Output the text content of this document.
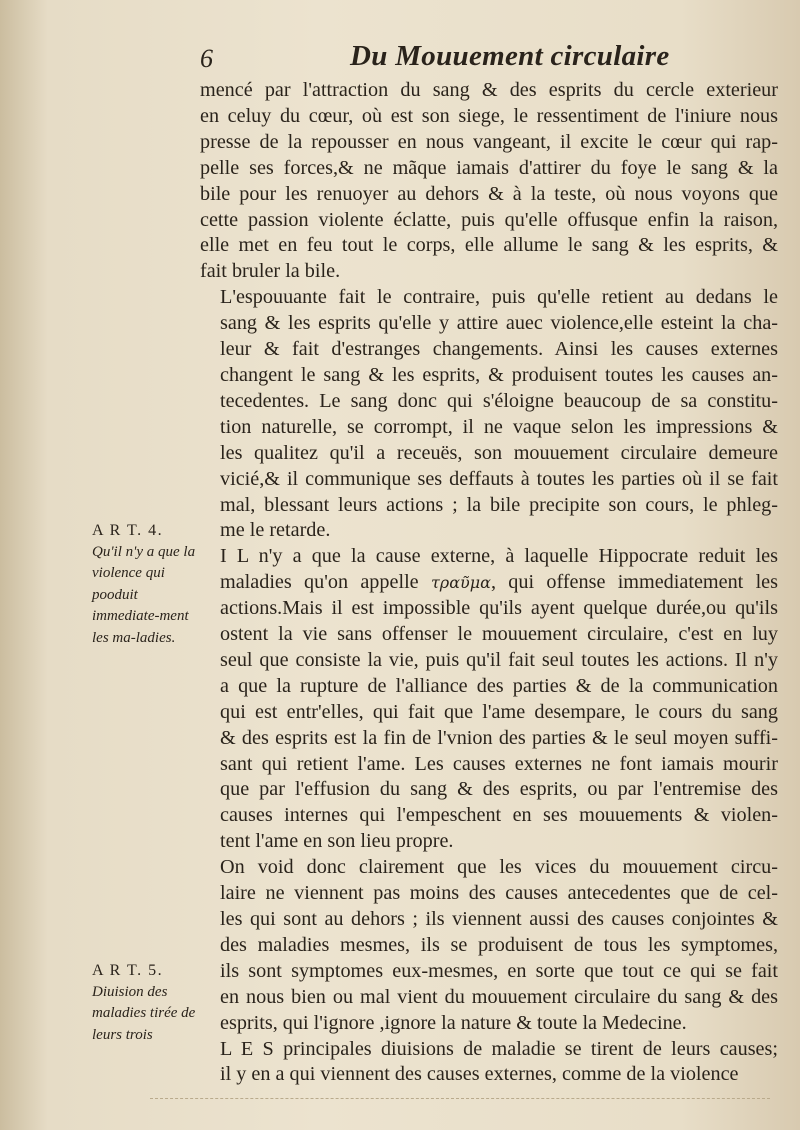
6	Du Mouuement circulaire

mencé par l'attraction du sang & des esprits du cercle exterieur
en celuy du cœur, où est son siege, le ressentiment de l'iniure nous
presse de la repousser en nous vangeant, il excite le cœur qui rap-
pelle ses forces,& ne mãque iamais d'attirer du foye le sang & la
bile pour les renuoyer au dehors & à la teste, où nous voyons que
cette passion violente éclatte, puis qu'elle offusque enfin la raison,
elle met en feu tout le corps, elle allume le sang & les esprits, &
fait bruler la bile.

L'espouuante fait le contraire, puis qu'elle retient au dedans le
sang & les esprits qu'elle y attire auec violence,elle esteint la cha-
leur & fait d'estranges changements. Ainsi les causes externes
changent le sang & les esprits, & produisent toutes les causes an-
tecedentes. Le sang donc qui s'éloigne beaucoup de sa constitu-
tion naturelle, se corrompt, il ne vaque selon les impressions &
les qualitez qu'il a receuës, son mouuement circulaire demeure
vicié,& il communique ses deffauts à toutes les parties où il se fait
mal, blessant leurs actions ; la bile precipite son cours, le phleg-
me le retarde.

I L n'y a que la cause externe, à laquelle Hippocrate reduit les
maladies qu'on appelle τραῦμα, qui offense immediatement les
actions.Mais il est impossible qu'ils ayent quelque durée,ou qu'ils
ostent la vie sans offenser le mouuement circulaire, c'est en luy
seul que consiste la vie, puis qu'il fait seul toutes les actions. Il n'y
a que la rupture de l'alliance des parties & de la communication
qui est entr'elles, qui fait que l'ame desempare, le cours du sang
& des esprits est la fin de l'vnion des parties & le seul moyen suffi-
sant qui retient l'ame. Les causes externes ne font iamais mourir
que par l'effusion du sang & des esprits, ou par l'entremise des
causes internes qui l'empeschent en ses mouuements & violen-
tent l'ame en son lieu propre.

On void donc clairement que les vices du mouuement circu-
laire ne viennent pas moins des causes antecedentes que de cel-
les qui sont au dehors ; ils viennent aussi des causes conjointes &
des maladies mesmes, ils se produisent de tous les symptomes,
ils sont symptomes eux-mesmes, en sorte que tout ce qui se fait
en nous bien ou mal vient du mouuement circulaire du sang & des
esprits, qui l'ignore ,ignore la nature & toute la Medecine.

L E S principales diuisions de maladie se tirent de leurs causes;
il y en a qui viennent des causes externes, comme de la violence

A R T. 4.
Qu'il n'y a que la violence qui pooduit immediate-ment les ma-ladies.
A R T. 5.
Diuision des maladies tirée de leurs trois
